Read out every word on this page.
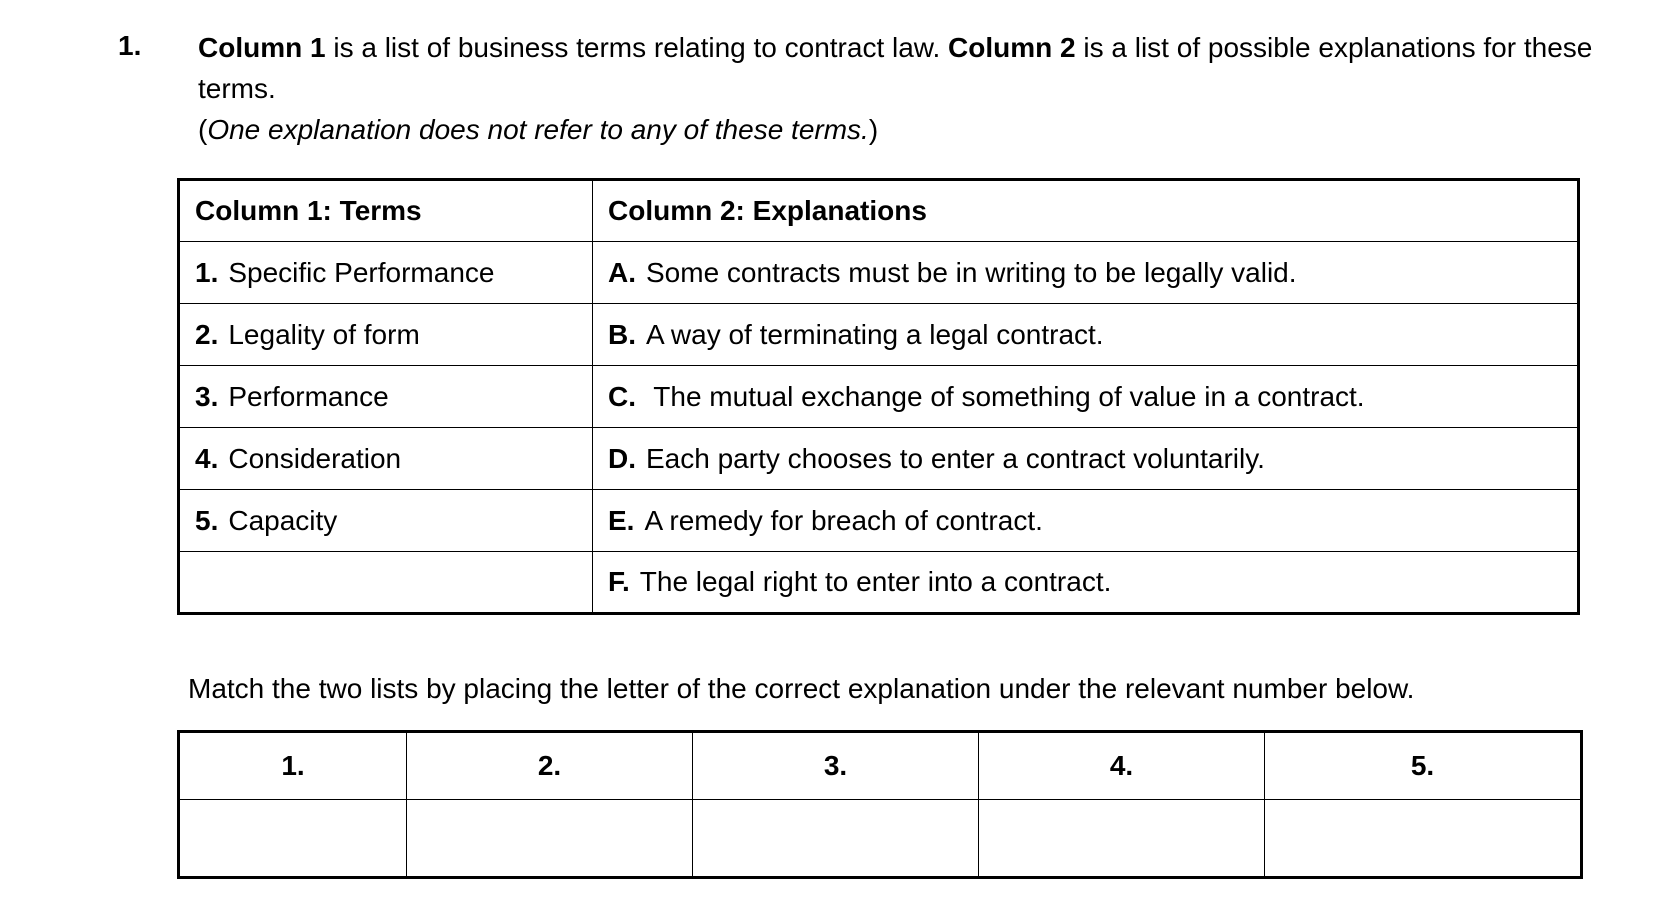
1. Column 1 is a list of business terms relating to contract law. Column 2 is a list of possible explanations for these terms.
(One explanation does not refer to any of these terms.)
Column 1: Terms	Column 2: Explanations
1. Specific Performance	A. Some contracts must be in writing to be legally valid.
2. Legality of form	B. A way of terminating a legal contract.
3. Performance	C. The mutual exchange of something of value in a contract.
4. Consideration	D. Each party chooses to enter a contract voluntarily.
5. Capacity	E. A remedy for breach of contract.
	F. The legal right to enter into a contract.
Match the two lists by placing the letter of the correct explanation under the relevant number below.
1.	2.	3.	4.	5.
